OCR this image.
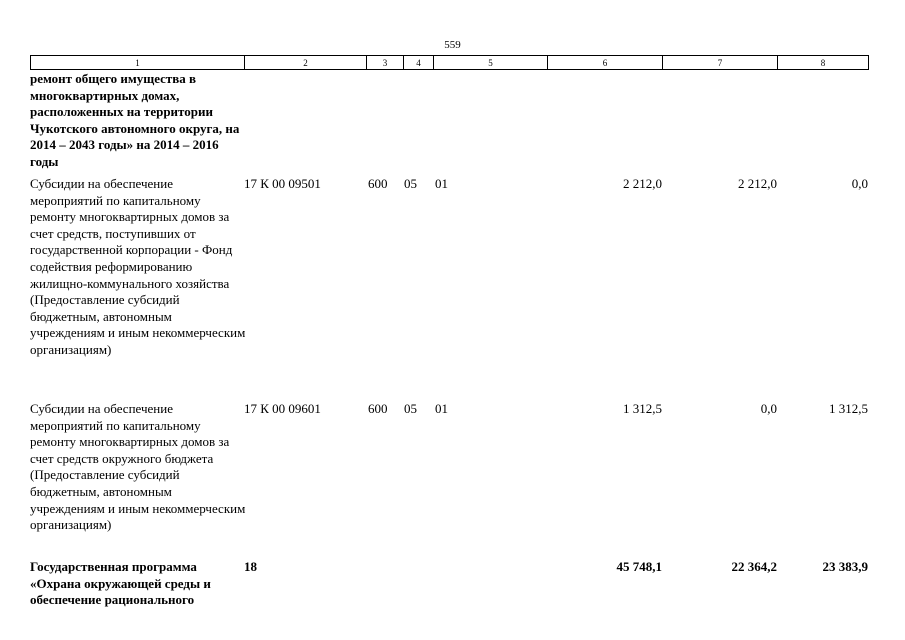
559
1	2	3	4	5	6	7	8
ремонт общего имущества в многоквартирных домах, расположенных на территории Чукотского автономного округа, на 2014 – 2043 годы» на 2014 – 2016 годы
Субсидии на обеспечение мероприятий по капитальному ремонту многоквартирных домов за счет средств, поступивших от государственной корпорации - Фонд содействия реформированию жилищно-коммунального хозяйства (Предоставление субсидий бюджетным, автономным учреждениям и иным некоммерческим организациям)
17 К 00 09501	600 05 01	2 212,0	2 212,0	0,0
Субсидии на обеспечение мероприятий по капитальному ремонту многоквартирных домов за счет средств окружного бюджета (Предоставление субсидий бюджетным, автономным учреждениям и иным некоммерческим организациям)
17 К 00 09601	600 05 01	1 312,5	0,0	1 312,5
Государственная программа «Охрана окружающей среды и обеспечение рационального
18	45 748,1	22 364,2	23 383,9
